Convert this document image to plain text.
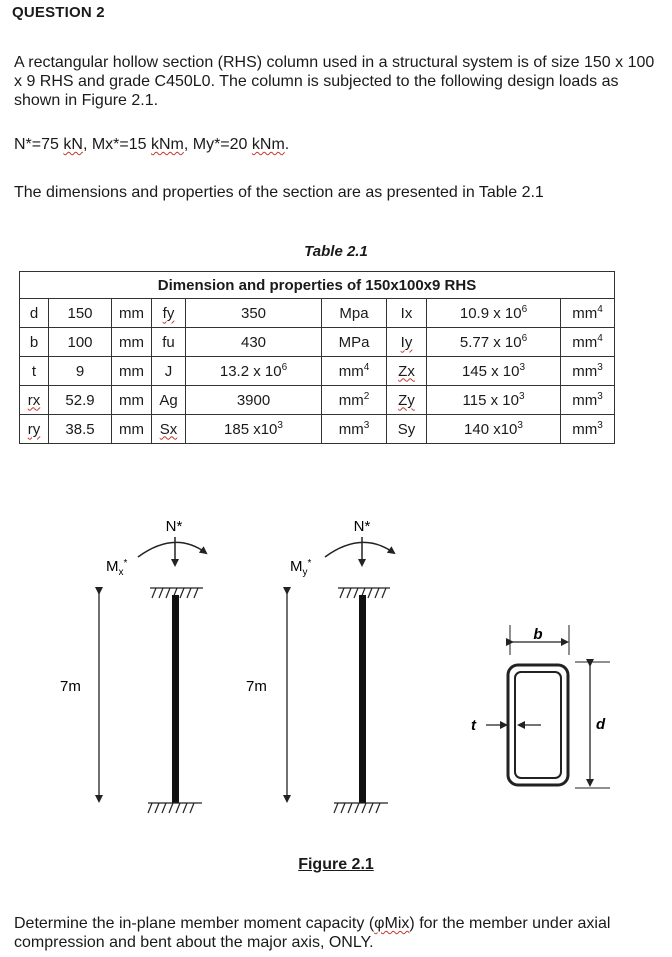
QUESTION 2
A rectangular hollow section (RHS) column used in a structural system is of size 150 x 100 x 9 RHS and grade C450L0. The column is subjected to the following design loads as shown in Figure 2.1.
N*=75 kN, Mx*=15 kNm, My*=20 kNm.
The dimensions and properties of the section are as presented in Table 2.1
Table 2.1
Dimension and properties of 150x100x9 RHS								
d	150	mm	fy	350	Mpa	Ix	10.9 x $10^6$	$mm^4$
b	100	mm	fu	430	MPa	Iy	5.77 x $10^6$	$mm^4$
t	9	mm	J	13.2 x $10^6$	$mm^4$	Zx	145 x $10^3$	$mm^3$
rx	52.9	mm	Ag	3900	$mm^2$	Zy	115 x $10^3$	$mm^3$
ry	38.5	mm	Sx	185 $x10^3$	$mm^3$	Sy	140 $x10^3$	$mm^3$
N*
$M_x^*$
7m
N*
$M_y^*$
7m
b
t	d
Figure 2.1
Determine the in-plane member moment capacity (φMix) for the member under axial compression and bent about the major axis, ONLY.
